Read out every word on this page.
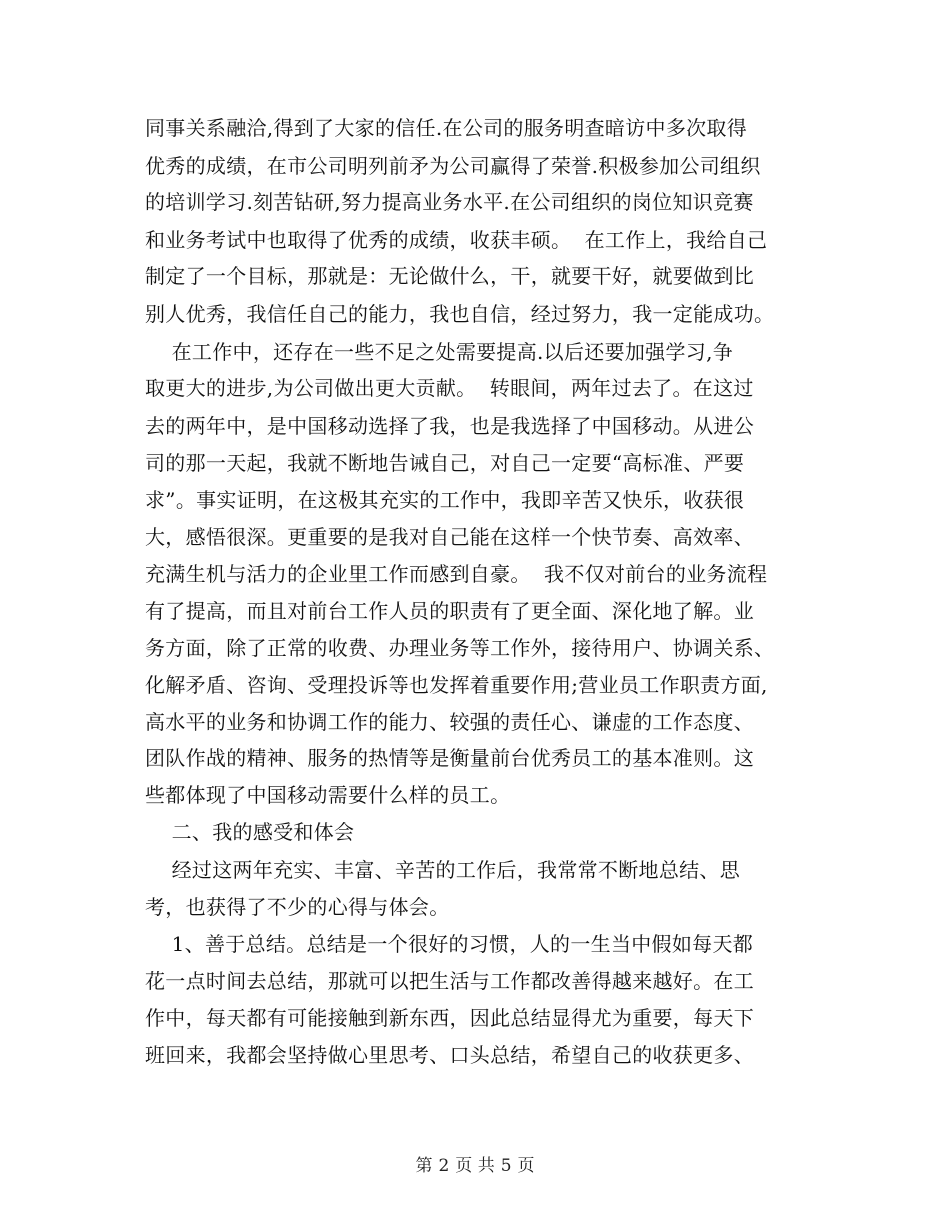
同事关系融洽,得到了大家的信任.在公司的服务明查暗访中多次取得
优秀的成绩，在市公司明列前矛为公司赢得了荣誉.积极参加公司组织
的培训学习.刻苦钻研,努力提高业务水平.在公司组织的岗位知识竞赛
和业务考试中也取得了优秀的成绩，收获丰硕。  在工作上，我给自己
制定了一个目标，那就是：无论做什么，干，就要干好，就要做到比
别人优秀，我信任自己的能力，我也自信，经过努力，我一定能成功。
在工作中，还存在一些不足之处需要提高.以后还要加强学习,争
取更大的进步,为公司做出更大贡献。  转眼间，两年过去了。在这过
去的两年中，是中国移动选择了我，也是我选择了中国移动。从进公
司的那一天起，我就不断地告诫自己，对自己一定要“高标准、严要
求”。事实证明，在这极其充实的工作中，我即辛苦又快乐，收获很
大，感悟很深。更重要的是我对自己能在这样一个快节奏、高效率、
充满生机与活力的企业里工作而感到自豪。  我不仅对前台的业务流程
有了提高，而且对前台工作人员的职责有了更全面、深化地了解。业
务方面，除了正常的收费、办理业务等工作外，接待用户、协调关系、
化解矛盾、咨询、受理投诉等也发挥着重要作用;营业员工作职责方面,
高水平的业务和协调工作的能力、较强的责任心、谦虚的工作态度、
团队作战的精神、服务的热情等是衡量前台优秀员工的基本准则。这
些都体现了中国移动需要什么样的员工。
二、我的感受和体会
经过这两年充实、丰富、辛苦的工作后，我常常不断地总结、思
考，也获得了不少的心得与体会。
1、善于总结。总结是一个很好的习惯，人的一生当中假如每天都
花一点时间去总结，那就可以把生活与工作都改善得越来越好。在工
作中，每天都有可能接触到新东西，因此总结显得尤为重要，每天下
班回来，我都会坚持做心里思考、口头总结，希望自己的收获更多、
第 2 页 共 5 页
